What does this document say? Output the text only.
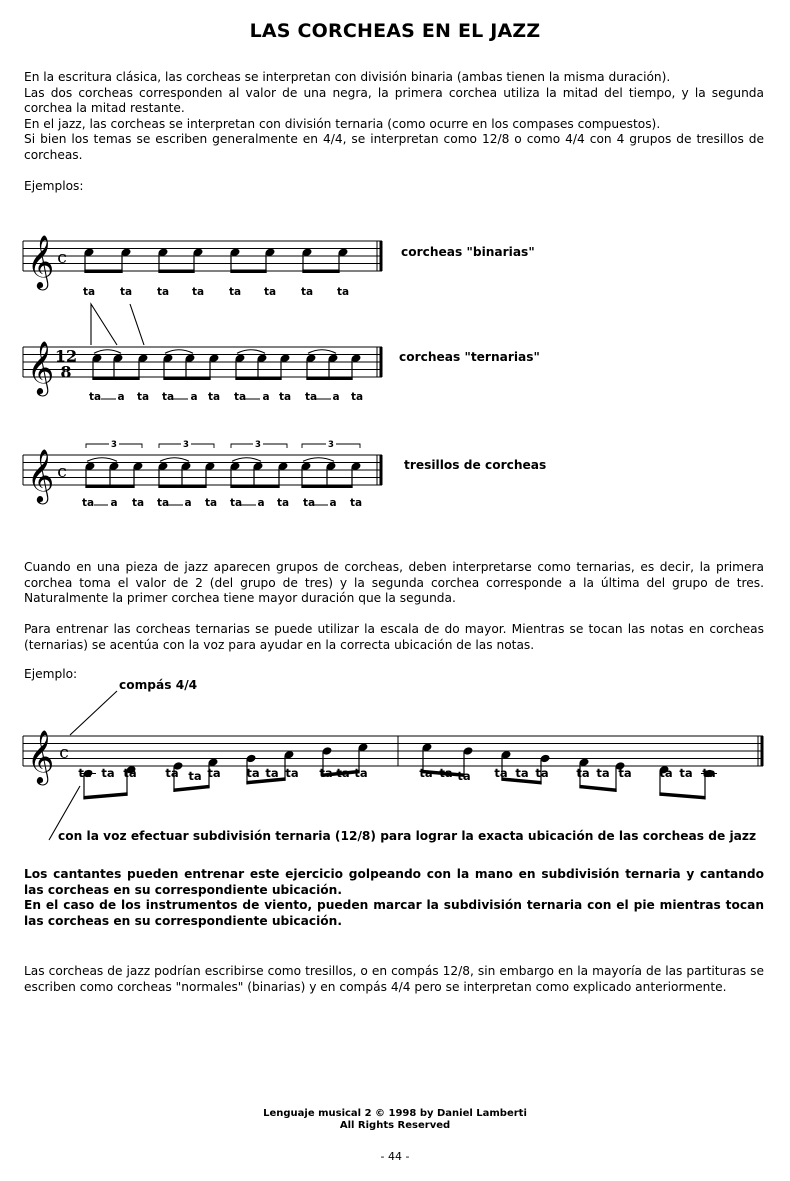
LAS CORCHEAS EN EL JAZZ
En la escritura clásica, las corcheas se interpretan con división binaria (ambas tienen la misma duración).
Las dos corcheas corresponden al valor de una negra, la primera corchea utiliza la mitad del tiempo, y la segunda corchea la mitad restante.
En el jazz, las corcheas se interpretan con división ternaria (como ocurre en los compases compuestos).
Si bien los temas se escriben generalmente en 4/4, se interpretan como 12/8 o como 4/4 con 4 grupos de tresillos de corcheas.
Ejemplos:
𝄞 c
ta ta ta ta ta ta ta ta
𝄞 12
8
ta a ta ta a ta ta a ta ta a ta
𝄞 c
3	3	3	3
ta a ta ta a ta ta a ta ta a ta
𝄞 c
ta ta ta ta ta ta ta ta ta ta ta ta	ta ta ta ta ta ta ta ta ta ta ta ta
corcheas "binarias"
corcheas "ternarias"
tresillos de corcheas
Cuando en una pieza de jazz aparecen grupos de corcheas, deben interpretarse como ternarias, es decir, la primera corchea toma el valor de 2 (del grupo de tres) y la segunda corchea corresponde a la última del grupo de tres. Naturalmente la primer corchea tiene mayor duración que la segunda.
Para entrenar las corcheas ternarias se puede utilizar la escala de do mayor. Mientras se tocan las notas en corcheas (ternarias) se acentúa con la voz para ayudar en la correcta ubicación de las notas.
Ejemplo:
compás 4/4
con la voz efectuar subdivisión ternaria (12/8) para lograr la exacta ubicación de las corcheas de jazz
Los cantantes pueden entrenar este ejercicio golpeando con la mano en subdivisión ternaria y cantando las corcheas en su correspondiente ubicación.
En el caso de los instrumentos de viento, pueden marcar la subdivisión ternaria con el pie mientras tocan las corcheas en su correspondiente ubicación.
Las corcheas de jazz podrían escribirse como tresillos, o en compás 12/8, sin embargo en la mayoría de las partituras se escriben como corcheas "normales" (binarias) y en compás 4/4 pero se interpretan como explicado anteriormente.
Lenguaje musical 2 © 1998 by Daniel Lamberti
All Rights Reserved
- 44 -
